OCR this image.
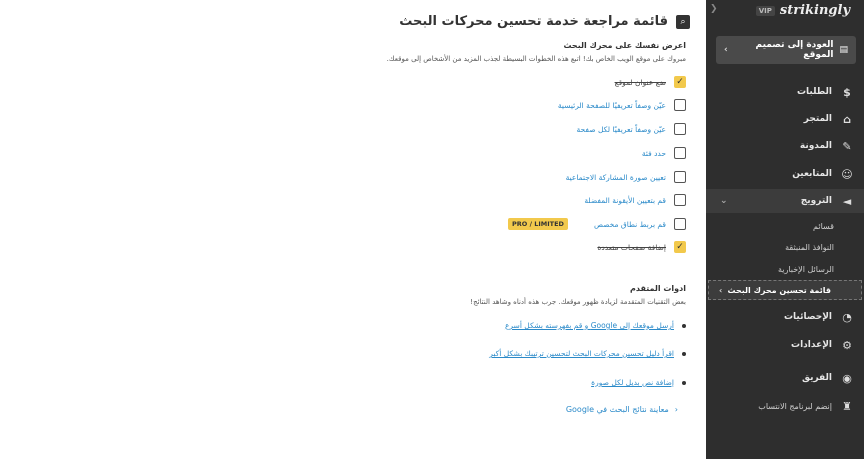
VIP strikingly
❮
▤
العودة إلى تصميم الموقع
›
$
الطلبات
⌂
المتجر
✎
المدونة
☺
المتابعين
◄
الترويج
⌄
قسائم
النوافذ المنبثقة
الرسائل الإخبارية
قائمة تحسين محرك البحث
›
◔
الإحصائيات
⚙
الإعدادات
◉
الفريق
♜
إنضم لبرنامج الانتساب
⌕
قائمة مراجعة خدمة تحسين محركات البحث
اعرض نفسك على محرك البحث
مبروك على موقع الويب الخاص بك! اتبع هذه الخطوات البسيطة لجذب المزيد من الأشخاص إلى موقعك.
✓
ضع عنوان لموقع
عيّن وصفاً تعريفيًا للصفحة الرئيسية
عيّن وصفاً تعريفيًا لكل صفحة
حدد فئة
تعيين صورة المشاركة الاجتماعية
قم بتعيين الأيقونة المفضلة
قم بربط نطاق مخصص
PRO / LIMITED
✓
إضافة صفحات متعددة
ادوات المتقدم
بعض التقنيات المتقدمة لزيادة ظهور موقعك. جرب هذه أدناه وشاهد النتائج!
أرسل موقعك إلى Google و قم بفهرسته بشكل أسرع
اقرأ دليل تحسين محركات البحث لتحسين ترتيبك بشكل أكبر
إضافة نص بديل لكل صورة
‹
معاينة نتائج البحث في Google
